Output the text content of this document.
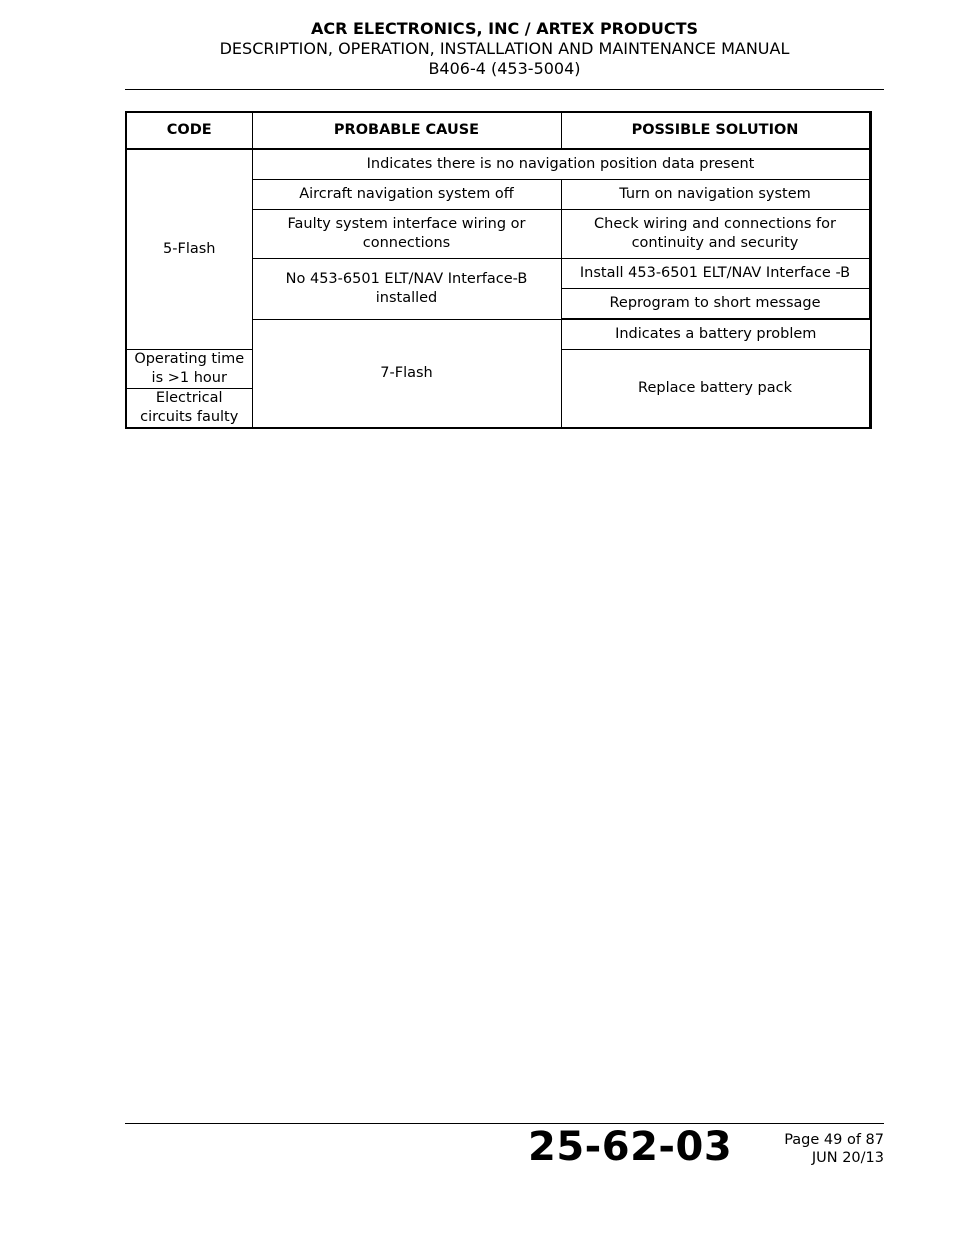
ACR ELECTRONICS, INC / ARTEX PRODUCTS
DESCRIPTION, OPERATION, INSTALLATION AND MAINTENANCE MANUAL
B406-4 (453-5004)
CODE	PROBABLE CAUSE	POSSIBLE SOLUTION
5-Flash	Indicates there is no navigation position data present	
	Aircraft navigation system off	Turn on navigation system
	Faulty system interface wiring or connections	Check wiring and connections for continuity and security
	No 453-6501 ELT/NAV Interface-B installed	Install 453-6501 ELT/NAV Interface -B
		Reprogram to short message
	7-Flash	Indicates a battery problem
Operating time is >1 hour		Replace battery pack
Electrical circuits faulty		
25-62-03	Page 49 of 87
JUN 20/13
